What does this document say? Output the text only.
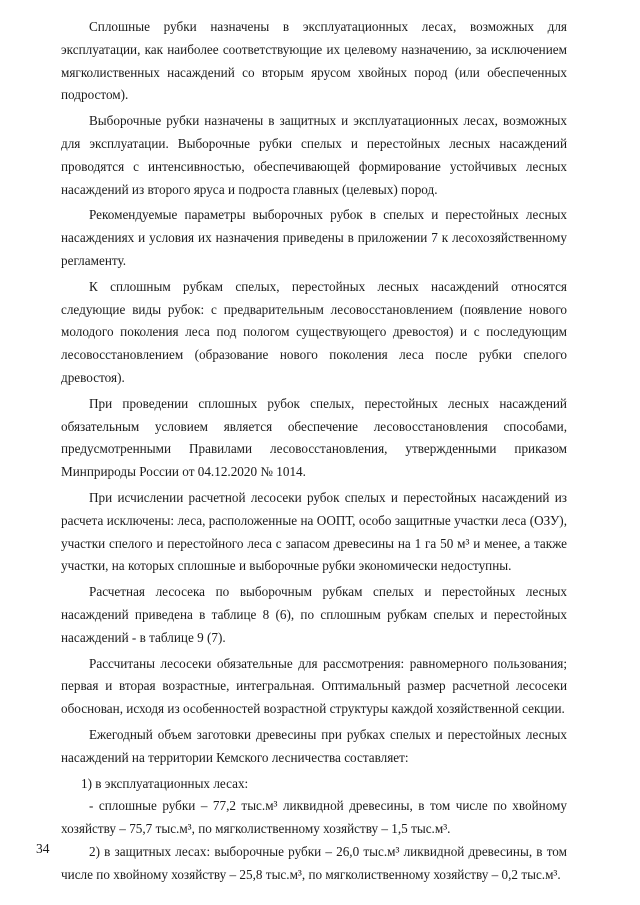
Сплошные рубки назначены в эксплуатационных лесах, возможных для эксплуатации, как наиболее соответствующие их целевому назначению, за исключением мягколиственных насаждений со вторым ярусом хвойных пород (или обеспеченных подростом).

Выборочные рубки назначены в защитных и эксплуатационных лесах, возможных для эксплуатации. Выборочные рубки спелых и перестойных лесных насаждений проводятся с интенсивностью, обеспечивающей формирование устойчивых лесных насаждений из второго яруса и подроста главных (целевых) пород.

Рекомендуемые параметры выборочных рубок в спелых и перестойных лесных насаждениях и условия их назначения приведены в приложении 7 к лесохозяйственному регламенту.

К сплошным рубкам спелых, перестойных лесных насаждений относятся следующие виды рубок: с предварительным лесовосстановлением (появление нового молодого поколения леса под пологом существующего древостоя) и с последующим лесовосстановлением (образование нового поколения леса после рубки спелого древостоя).

При проведении сплошных рубок спелых, перестойных лесных насаждений обязательным условием является обеспечение лесовосстановления способами, предусмотренными Правилами лесовосстановления, утвержденными приказом Минприроды России от 04.12.2020 № 1014.

При исчислении расчетной лесосеки рубок спелых и перестойных насаждений из расчета исключены: леса, расположенные на ООПТ, особо защитные участки леса (ОЗУ), участки спелого и перестойного леса с запасом древесины на 1 га 50 м³ и менее, а также участки, на которых сплошные и выборочные рубки экономически недоступны.

Расчетная лесосека по выборочным рубкам спелых и перестойных лесных насаждений приведена в таблице 8 (6), по сплошным рубкам спелых и перестойных насаждений - в таблице 9 (7).

Рассчитаны лесосеки обязательные для рассмотрения: равномерного пользования; первая и вторая возрастные, интегральная. Оптимальный размер расчетной лесосеки обоснован, исходя из особенностей возрастной структуры каждой хозяйственной секции.

Ежегодный объем заготовки древесины при рубках спелых и перестойных лесных насаждений на территории Кемского лесничества составляет:

1) в эксплуатационных лесах:

- сплошные рубки – 77,2 тыс.м³ ликвидной древесины, в том числе по хвойному хозяйству – 75,7 тыс.м³, по мягколиственному хозяйству – 1,5 тыс.м³.

2) в защитных лесах: выборочные рубки – 26,0 тыс.м³ ликвидной древесины, в том числе по хвойному хозяйству – 25,8 тыс.м³, по мягколиственному хозяйству – 0,2 тыс.м³.

34
